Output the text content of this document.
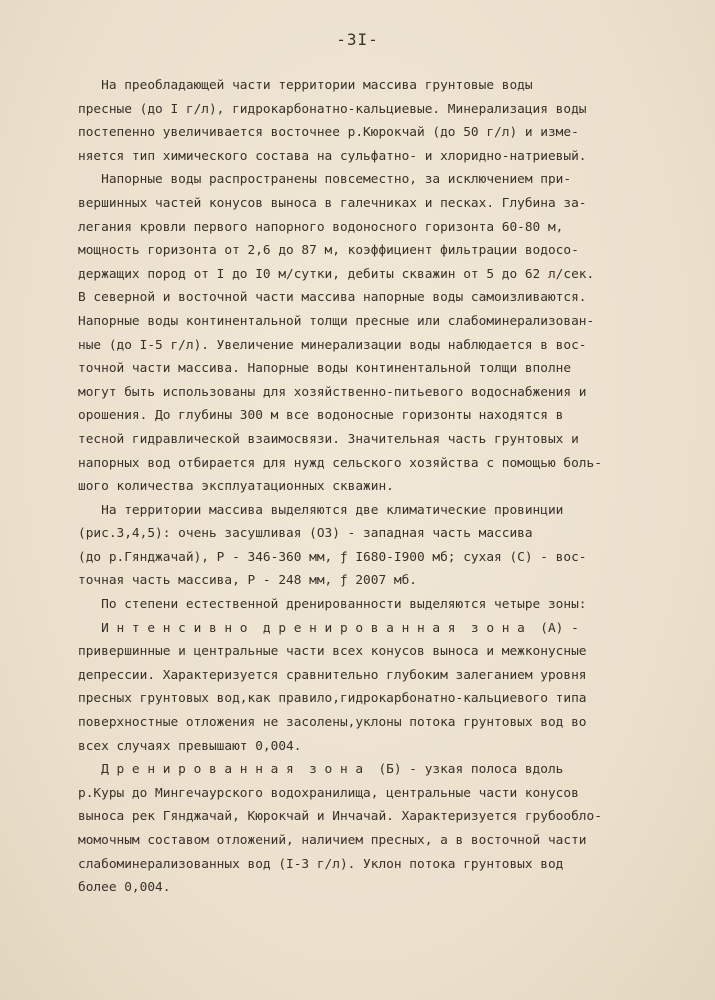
-3I-
На преобладающей части территории массива грунтовые воды
пресные (до I г/л), гидрокарбонатно-кальциевые. Минерализация воды
постепенно увеличивается восточнее р.Кюрокчай (до 50 г/л) и изме-
няется тип химического состава на сульфатно- и хлоридно-натриевый.
Напорные воды распространены повсеместно, за исключением при-
вершинных частей конусов выноса в галечниках и песках. Глубина за-
легания кровли первого напорного водоносного горизонта 60-80 м,
мощность горизонта от 2,6 до 87 м, коэффициент фильтрации водосо-
держащих пород от I до I0 м/сутки, дебиты скважин от 5 до 62 л/сек.
В северной и восточной части массива напорные воды самоизливаются.
Напорные воды континентальной толщи пресные или слабоминерализован-
ные (до I-5 г/л). Увеличение минерализации воды наблюдается в вос-
точной части массива. Напорные воды континентальной толщи вполне
могут быть использованы для хозяйственно-питьевого водоснабжения и
орошения. До глубины 300 м все водоносные горизонты находятся в
тесной гидравлической взаимосвязи. Значительная часть грунтовых и
напорных вод отбирается для нужд сельского хозяйства с помощью боль-
шого количества эксплуатационных скважин.
На территории массива выделяются две климатические провинции
(рис.3,4,5): очень засушливая (ОЗ) - западная часть массива
(до р.Гянджачай), Р - 346-360 мм, ƒ I680-I900 мб; сухая (С) - вос-
точная часть массива, Р - 248 мм, ƒ 2007 мб.
По степени естественной дренированности выделяются четыре зоны:
И н т е н с и в н о  д р е н и р о в а н н а я  з о н а  (А) -
привершинные и центральные части всех конусов выноса и межконусные
депрессии. Характеризуется сравнительно глубоким залеганием уровня
пресных грунтовых вод,как правило,гидрокарбонатно-кальциевого типа
поверхностные отложения не засолены,уклоны потока грунтовых вод во
всех случаях превышают 0,004.
Д р е н и р о в а н н а я  з о н а  (Б) - узкая полоса вдоль
р.Куры до Мингечаурского водохранилища, центральные части конусов
выноса рек Гянджачай, Кюрокчай и Инчачай. Характеризуется грубообло-
момочным составом отложений, наличием пресных, а в восточной части
слабоминерализованных вод (I-3 г/л). Уклон потока грунтовых вод
более 0,004.
